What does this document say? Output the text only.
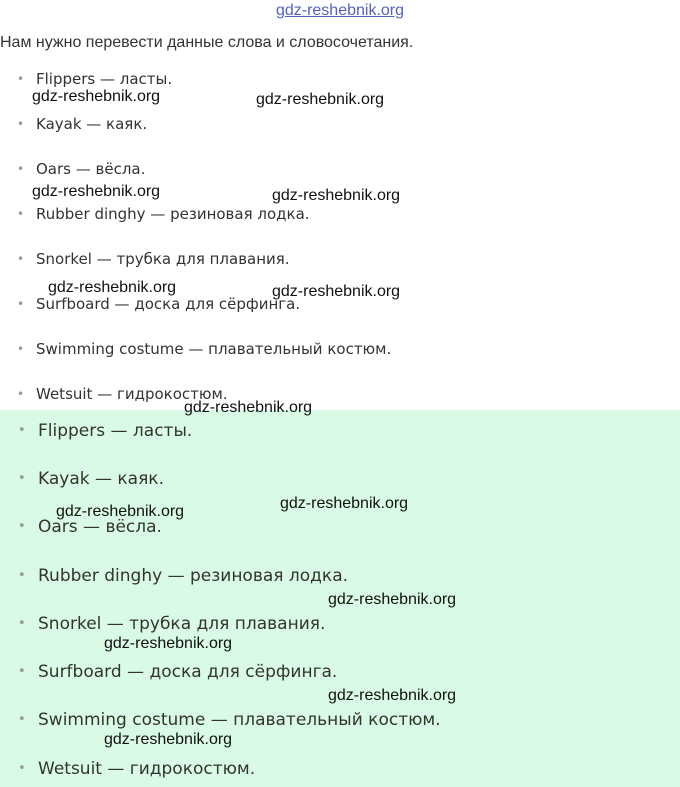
gdz-reshebnik.org
Нам нужно перевести данные слова и словосочетания.
• Flippers — ласты.
• Kayak — каяк.
• Oars — вёсла.
• Rubber dinghy — резиновая лодка.
• Snorkel — трубка для плавания.
• Surfboard — доска для сёрфинга.
• Swimming costume — плавательный костюм.
• Wetsuit — гидрокостюм.
• Flippers — ласты.
• Kayak — каяк.
• Oars — вёсла.
• Rubber dinghy — резиновая лодка.
• Snorkel — трубка для плавания.
• Surfboard — доска для сёрфинга.
• Swimming costume — плавательный костюм.
• Wetsuit — гидрокостюм.
gdz-reshebnik.org	gdz-reshebnik.org
gdz-reshebnik.org	gdz-reshebnik.org
gdz-reshebnik.org	gdz-reshebnik.org
gdz-reshebnik.org
gdz-reshebnik.org
gdz-reshebnik.org
gdz-reshebnik.org
gdz-reshebnik.org
gdz-reshebnik.org
gdz-reshebnik.org
